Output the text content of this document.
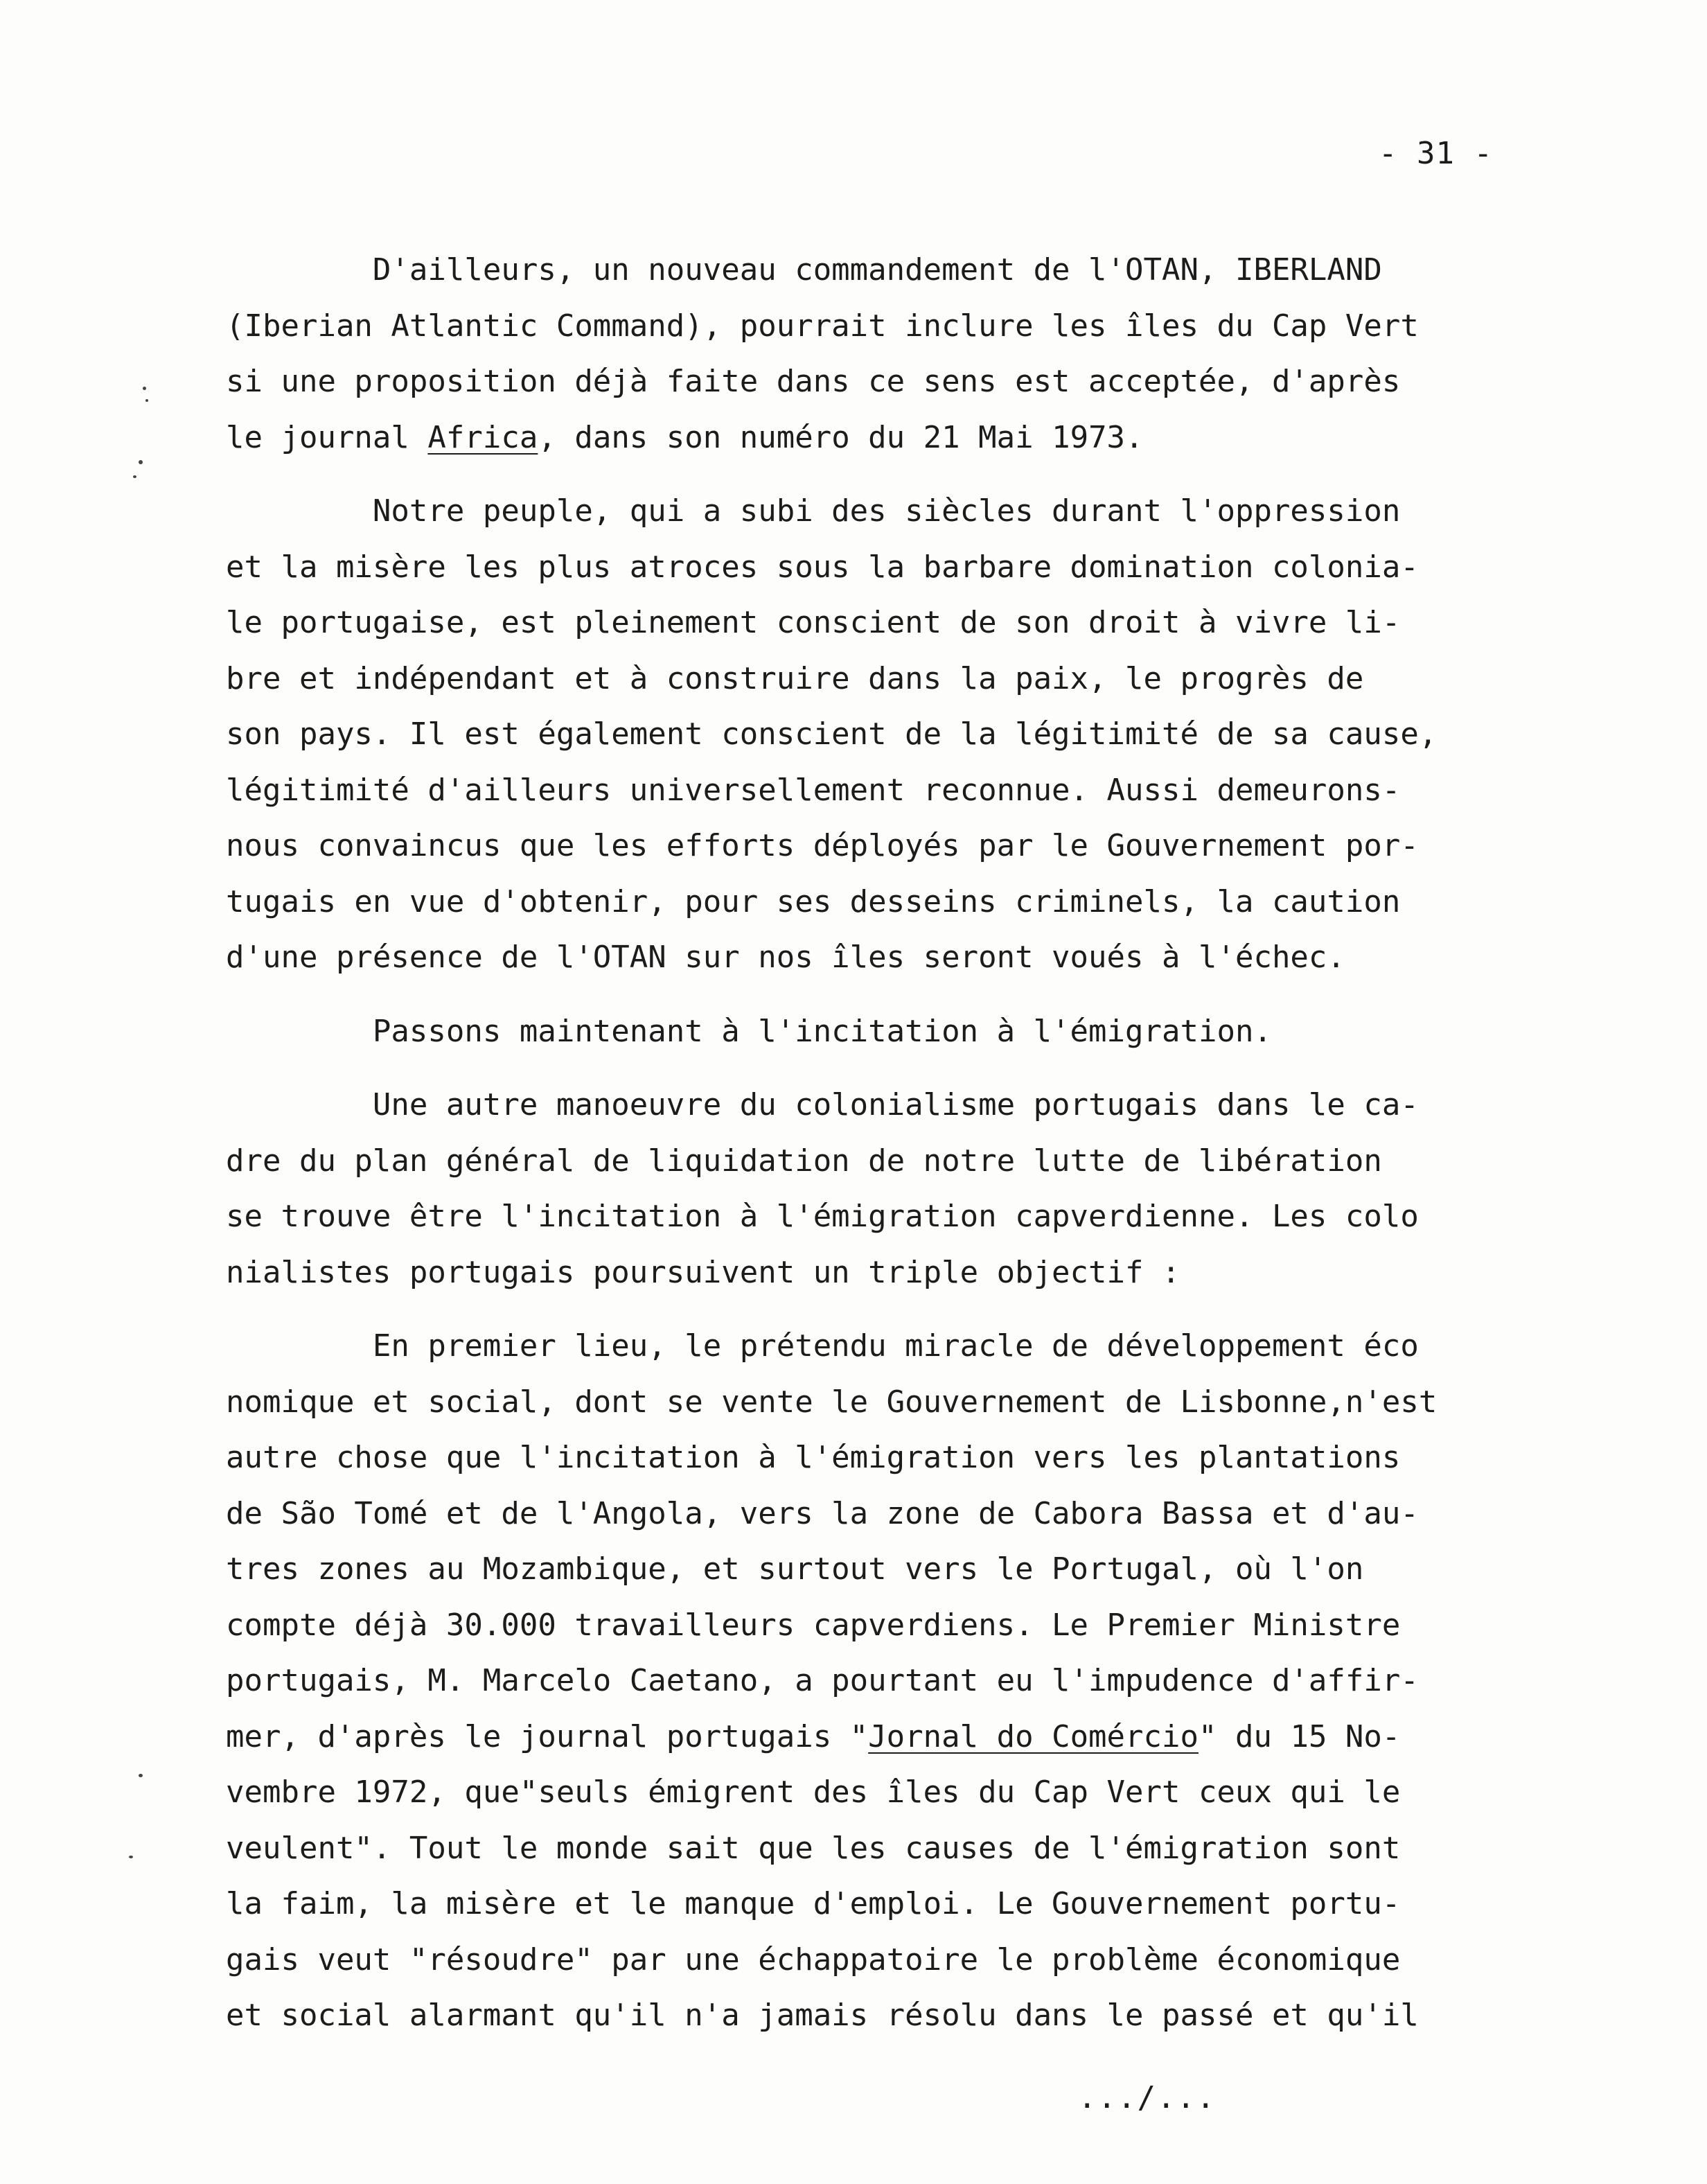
- 31 -
D'ailleurs, un nouveau commandement de l'OTAN, IBERLAND
(Iberian Atlantic Command), pourrait inclure les îles du Cap Vert
si une proposition déjà faite dans ce sens est acceptée, d'après
le journal Africa, dans son numéro du 21 Mai 1973.
Notre peuple, qui a subi des siècles durant l'oppression
et la misère les plus atroces sous la barbare domination colonia-
le portugaise, est pleinement conscient de son droit à vivre li-
bre et indépendant et à construire dans la paix, le progrès de
son pays. Il est également conscient de la légitimité de sa cause,
légitimité d'ailleurs universellement reconnue. Aussi demeurons-
nous convaincus que les efforts déployés par le Gouvernement por-
tugais en vue d'obtenir, pour ses desseins criminels, la caution
d'une présence de l'OTAN sur nos îles seront voués à l'échec.
Passons maintenant à l'incitation à l'émigration.
Une autre manoeuvre du colonialisme portugais dans le ca-
dre du plan général de liquidation de notre lutte de libération
se trouve être l'incitation à l'émigration capverdienne. Les colo
nialistes portugais poursuivent un triple objectif :
En premier lieu, le prétendu miracle de développement éco
nomique et social, dont se vente le Gouvernement de Lisbonne,n'est
autre chose que l'incitation à l'émigration vers les plantations
de São Tomé et de l'Angola, vers la zone de Cabora Bassa et d'au-
tres zones au Mozambique, et surtout vers le Portugal, où l'on
compte déjà 30.000 travailleurs capverdiens. Le Premier Ministre
portugais, M. Marcelo Caetano, a pourtant eu l'impudence d'affir-
mer, d'après le journal portugais "Jornal do Comércio" du 15 No-
vembre 1972, que"seuls émigrent des îles du Cap Vert ceux qui le
veulent". Tout le monde sait que les causes de l'émigration sont
la faim, la misère et le manque d'emploi. Le Gouvernement portu-
gais veut "résoudre" par une échappatoire le problème économique
et social alarmant qu'il n'a jamais résolu dans le passé et qu'il
.../...
